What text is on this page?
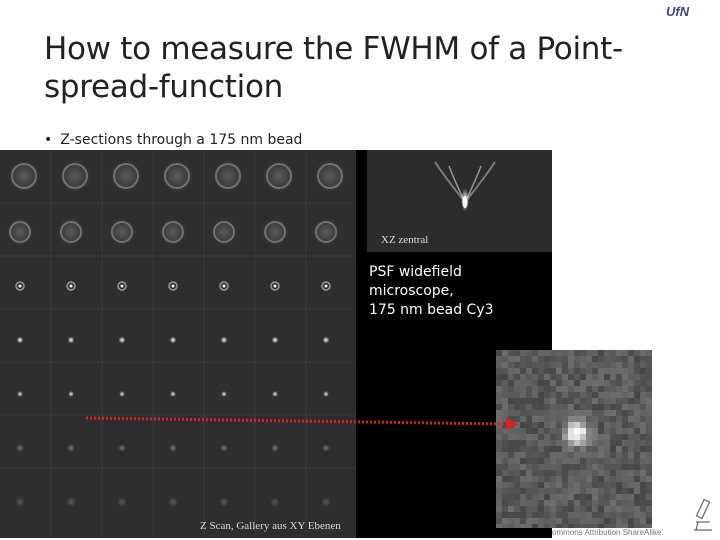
UfN
How to measure the FWHM of a Point-spread-function
• Z-sections through a 175 nm bead
Z Scan, Gallery aus XY Ebenen
XZ zentral
PSF widefield
microscope,
175 nm bead Cy3
ommons Attribution ShareAlike.
